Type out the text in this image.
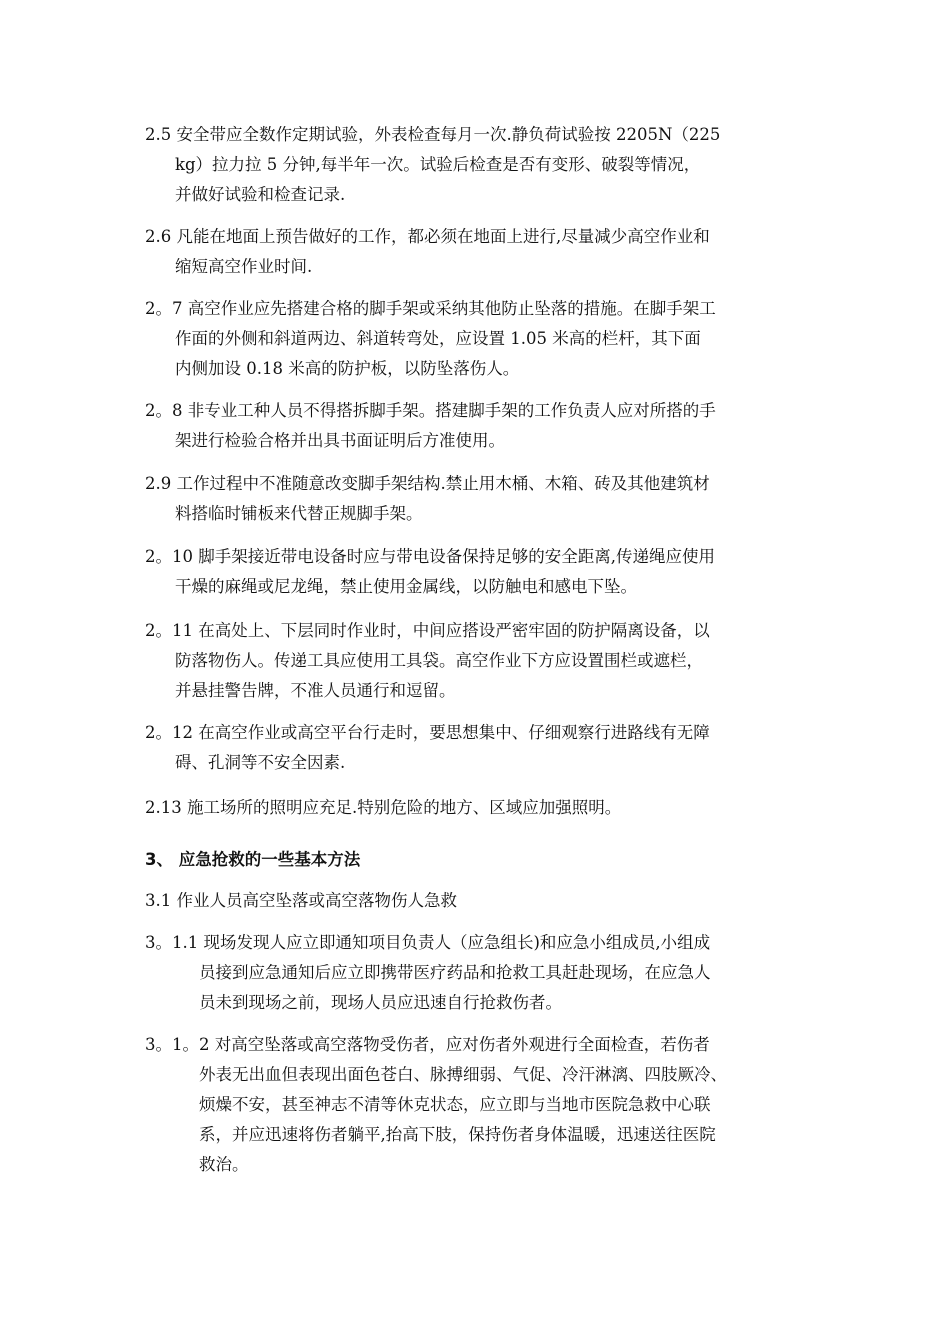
2.5 安全带应全数作定期试验，外表检查每月一次.静负荷试验按 2205N（225
kg）拉力拉 5 分钟,每半年一次。试验后检查是否有变形、破裂等情况，
并做好试验和检查记录.
2.6 凡能在地面上预告做好的工作，都必须在地面上进行,尽量减少高空作业和
缩短高空作业时间.
2。7 高空作业应先搭建合格的脚手架或采纳其他防止坠落的措施。在脚手架工
作面的外侧和斜道两边、斜道转弯处，应设置 1.05 米高的栏杆，其下面
内侧加设 0.18 米高的防护板，以防坠落伤人。
2。8 非专业工种人员不得搭拆脚手架。搭建脚手架的工作负责人应对所搭的手
架进行检验合格并出具书面证明后方准使用。
2.9 工作过程中不准随意改变脚手架结构.禁止用木桶、木箱、砖及其他建筑材
料搭临时铺板来代替正规脚手架。
2。10 脚手架接近带电设备时应与带电设备保持足够的安全距离,传递绳应使用
干燥的麻绳或尼龙绳，禁止使用金属线，以防触电和感电下坠。
2。11 在高处上、下层同时作业时，中间应搭设严密牢固的防护隔离设备，以
防落物伤人。传递工具应使用工具袋。高空作业下方应设置围栏或遮栏，
并悬挂警告牌，不准人员通行和逗留。
2。12 在高空作业或高空平台行走时，要思想集中、仔细观察行进路线有无障
碍、孔洞等不安全因素.
2.13 施工场所的照明应充足.特别危险的地方、区域应加强照明。
3、 应急抢救的一些基本方法
3.1 作业人员高空坠落或高空落物伤人急救
3。1.1 现场发现人应立即通知项目负责人（应急组长)和应急小组成员,小组成
员接到应急通知后应立即携带医疗药品和抢救工具赶赴现场，在应急人
员未到现场之前，现场人员应迅速自行抢救伤者。
3。1。2 对高空坠落或高空落物受伤者，应对伤者外观进行全面检查，若伤者
外表无出血但表现出面色苍白、脉搏细弱、气促、冷汗淋漓、四肢厥冷、
烦燥不安，甚至神志不清等休克状态，应立即与当地市医院急救中心联
系，并应迅速将伤者躺平,抬高下肢，保持伤者身体温暖，迅速送往医院
救治。
